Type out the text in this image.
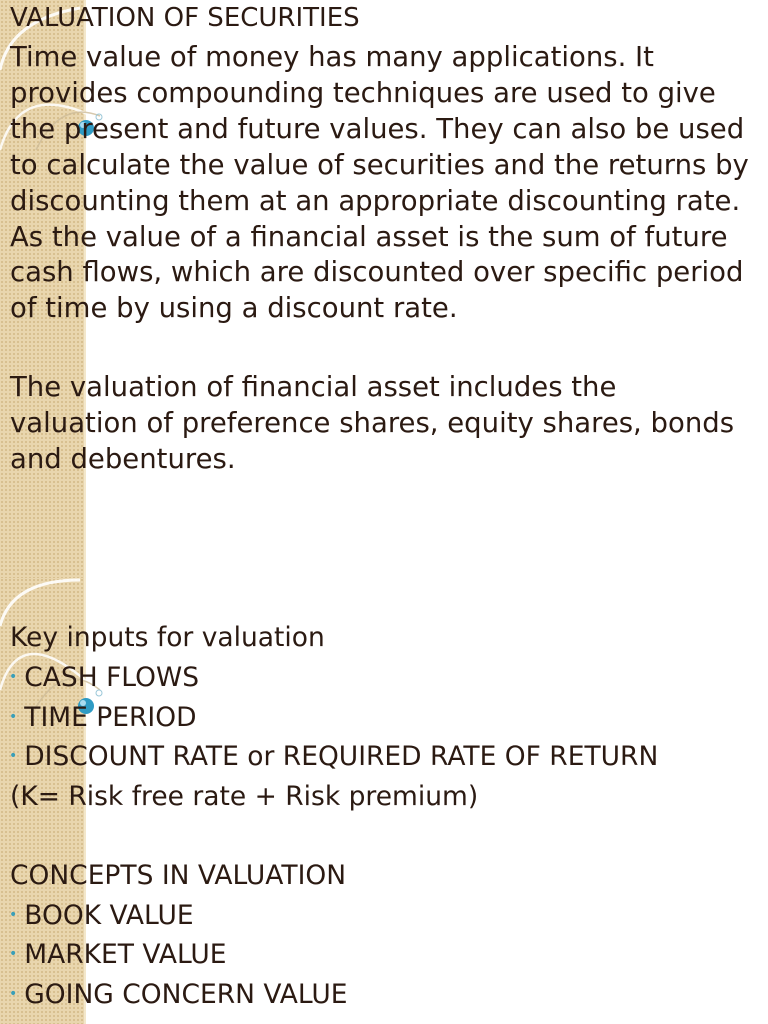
VALUATION OF SECURITIES
Time value of money has many applications. It provides compounding techniques are used to give the present and future values. They can also be used to calculate the value of securities and the returns by discounting them at an appropriate discounting rate. As the value of a financial asset is the sum of future cash flows, which are discounted over specific period of time by using a discount rate.
The valuation of financial asset includes the valuation of preference shares, equity shares, bonds and debentures.
Key inputs for valuation
• CASH FLOWS
• TIME PERIOD
• DISCOUNT RATE or REQUIRED RATE OF RETURN
(K= Risk free rate + Risk premium)
CONCEPTS IN VALUATION
• BOOK VALUE
• MARKET VALUE
• GOING CONCERN VALUE
